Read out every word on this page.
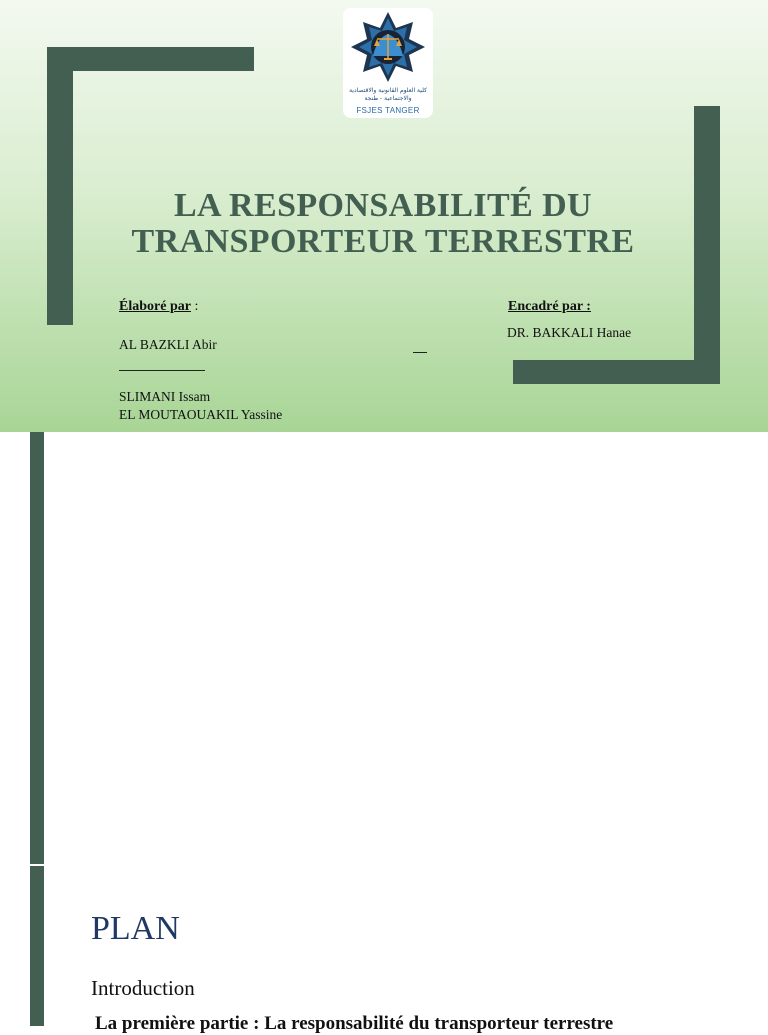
كلية العلوم القانونية والاقتصادية والاجتماعية - طنجة
FSJES TANGER
LA RESPONSABILITÉ DU
TRANSPORTEUR TERRESTRE
Élaboré par :
AL BAZKLI Abir
SLIMANI Issam
EL MOUTAOUAKIL Yassine
Encadré par :
DR. BAKKALI Hanae
PLAN
Introduction
La première partie : La responsabilité du transporteur terrestre
